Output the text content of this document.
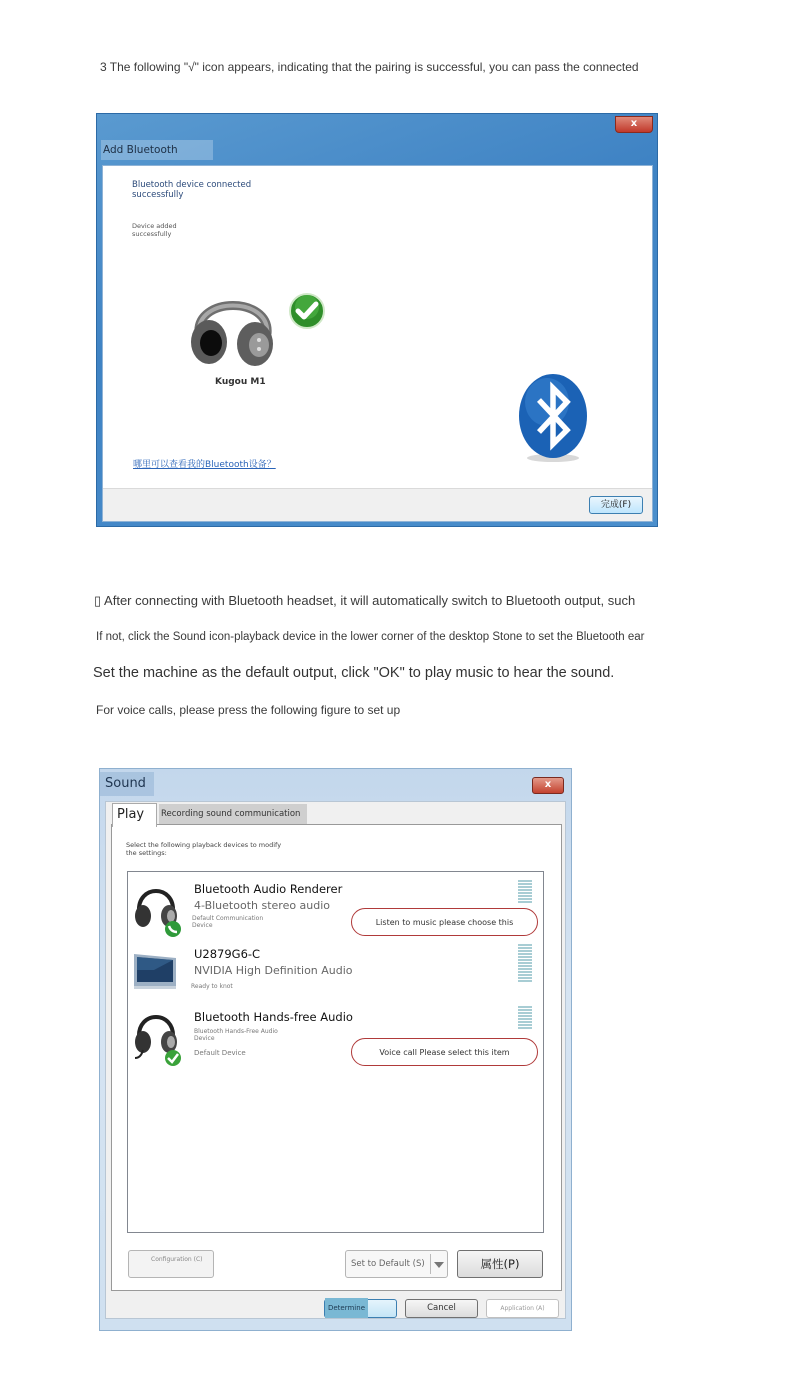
3 The following "√" icon appears, indicating that the pairing is successful, you can pass the connected
x
Add Bluetooth
Bluetooth device connected successfully
Device added successfully
Kugou M1
哪里可以查看我的Bluetooth设备？
完成(F)
▯ After connecting with Bluetooth headset, it will automatically switch to Bluetooth output, such
If not, click the Sound icon-playback device in the lower corner of the desktop Stone to set the Bluetooth ear
Set the machine as the default output, click "OK" to play music to hear the sound.
For voice calls, please press the following figure to set up
Sound	x
Play	Recording sound communication
Select the following playback devices to modify the settings:
Bluetooth Audio Renderer
4-Bluetooth stereo audio
Default Communication Device
U2879G6-C
NVIDIA High Definition Audio
Ready to knot
Bluetooth Hands-free Audio
Bluetooth Hands-Free Audio Device
Default Device
Listen to music please choose this
Voice call Please select this item
Configuration (C)	Set to Default (S)	属性(P)
Determine	Cancel	Application (A)
